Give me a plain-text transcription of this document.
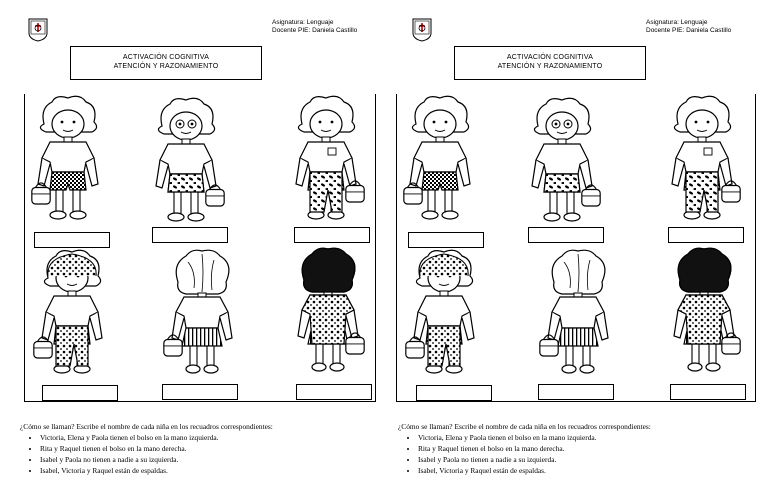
Asignatura: Lenguaje
Docente PIE: Daniela Castillo
ACTIVACIÓN COGNITIVA
ATENCIÓN Y RAZONAMIENTO
¿Cómo se llaman? Escribe el nombre de cada niña en los recuadros correspondientes:
• Victoria, Elena y Paola tienen el bolso en la mano izquierda.
• Rita y Raquel tienen el bolso en la mano derecha.
• Isabel y Paola no tienen a nadie a su izquierda.
• Isabel, Victoria y Raquel están de espaldas.
Asignatura: Lenguaje
Docente PIE: Daniela Castillo
ACTIVACIÓN COGNITIVA
ATENCIÓN Y RAZONAMIENTO
¿Cómo se llaman? Escribe el nombre de cada niña en los recuadros correspondientes:
• Victoria, Elena y Paola tienen el bolso en la mano izquierda.
• Rita y Raquel tienen el bolso en la mano derecha.
• Isabel y Paola no tienen a nadie a su izquierda.
• Isabel, Victoria y Raquel están de espaldas.
